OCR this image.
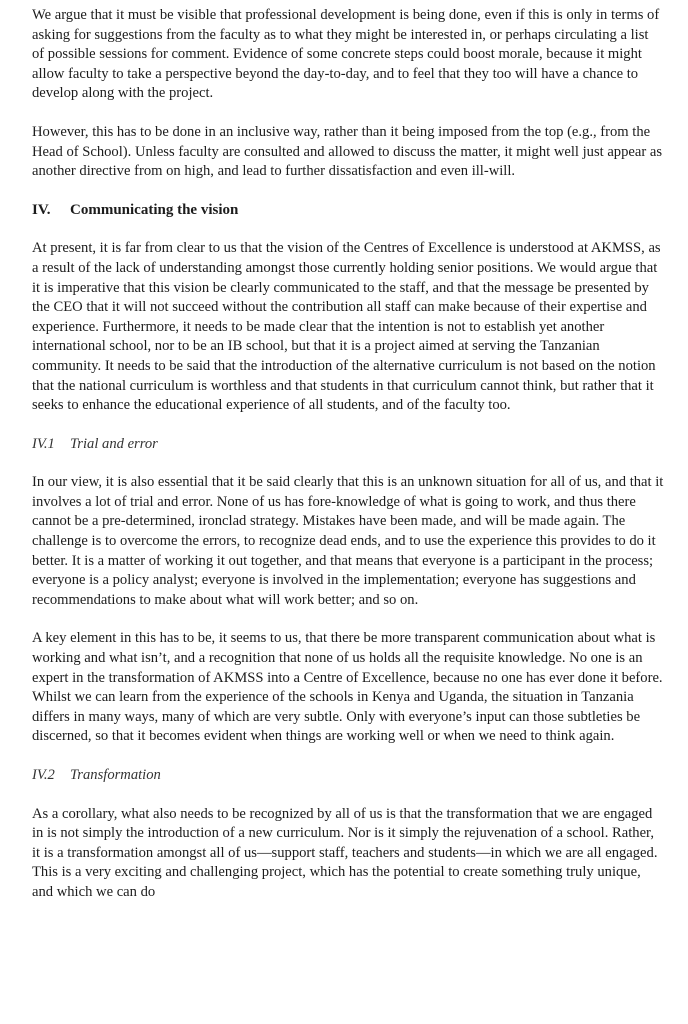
We argue that it must be visible that professional development is being done, even if this is only in terms of asking for suggestions from the faculty as to what they might be interested in, or perhaps circulating a list of possible sessions for comment. Evidence of some concrete steps could boost morale, because it might allow faculty to take a perspective beyond the day-to-day, and to feel that they too will have a chance to develop along with the project.

However, this has to be done in an inclusive way, rather than it being imposed from the top (e.g., from the Head of School). Unless faculty are consulted and allowed to discuss the matter, it might well just appear as another directive from on high, and lead to further dissatisfaction and even ill-will.

IV.	Communicating the vision

At present, it is far from clear to us that the vision of the Centres of Excellence is understood at AKMSS, as a result of the lack of understanding amongst those currently holding senior positions. We would argue that it is imperative that this vision be clearly communicated to the staff, and that the message be presented by the CEO that it will not succeed without the contribution all staff can make because of their expertise and experience. Furthermore, it needs to be made clear that the intention is not to establish yet another international school, nor to be an IB school, but that it is a project aimed at serving the Tanzanian community. It needs to be said that the introduction of the alternative curriculum is not based on the notion that the national curriculum is worthless and that students in that curriculum cannot think, but rather that it seeks to enhance the educational experience of all students, and of the faculty too.

IV.1	Trial and error

In our view, it is also essential that it be said clearly that this is an unknown situation for all of us, and that it involves a lot of trial and error. None of us has fore-knowledge of what is going to work, and thus there cannot be a pre-determined, ironclad strategy. Mistakes have been made, and will be made again. The challenge is to overcome the errors, to recognize dead ends, and to use the experience this provides to do it better. It is a matter of working it out together, and that means that everyone is a participant in the process; everyone is a policy analyst; everyone is involved in the implementation; everyone has suggestions and recommendations to make about what will work better; and so on.

A key element in this has to be, it seems to us, that there be more transparent communication about what is working and what isn’t, and a recognition that none of us holds all the requisite knowledge. No one is an expert in the transformation of AKMSS into a Centre of Excellence, because no one has ever done it before. Whilst we can learn from the experience of the schools in Kenya and Uganda, the situation in Tanzania differs in many ways, many of which are very subtle. Only with everyone’s input can those subtleties be discerned, so that it becomes evident when things are working well or when we need to think again.

IV.2	Transformation

As a corollary, what also needs to be recognized by all of us is that the transformation that we are engaged in is not simply the introduction of a new curriculum. Nor is it simply the rejuvenation of a school. Rather, it is a transformation amongst all of us—support staff, teachers and students—in which we are all engaged. This is a very exciting and challenging project, which has the potential to create something truly unique, and which we can do
